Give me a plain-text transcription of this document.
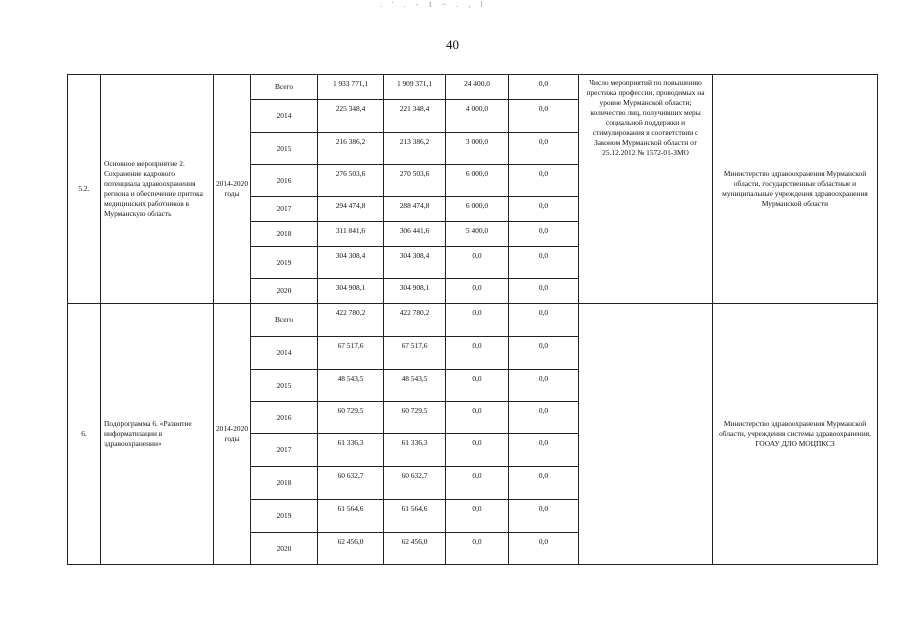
. ' . - 1 ~ . , l
40
5.2.	Основное мероприятие 2. Сохранение кадрового потенциала здравоохранения региона и обеспечение притока медицинских работников в Мурманскую область	2014-2020 годы	Всего	1 933 771,1	1 909 371,1	24 400,0	0,0	Число мероприятий по повышению престижа профессии, проводимых на уровне Мурманской области; количество лиц, получивших меры социальной поддержки и стимулирования в соответствии с Законом Мурманской области от 25.12.2012 № 1572-01-ЗМО	Министерство здравоохранения Мурманской области, государственные областные и муниципальные учреждения здравоохранения Мурманской области
			2014	225 348,4	221 348,4	4 000,0	0,0		
			2015	216 386,2	213 386,2	3 000,0	0,0		
			2016	276 503,6	270 503,6	6 000,0	0,0		
			2017	294 474,8	288 474,8	6 000,0	0,0		
			2018	311 841,6	306 441,6	5 400,0	0,0		
			2019	304 308,4	304 308,4	0,0	0,0		
			2020	304 908,1	304 908,1	0,0	0,0		
6.	Подпрограмма 6. «Развитие информатизации в здравоохранении»	2014-2020 годы	Всего	422 780,2	422 780,2	0,0	0,0		Министерство здравоохранения Мурманской области, учреждения системы здравоохранения, ГООАУ ДЛО МОЦПКСЗ
			2014	67 517,6	67 517,6	0,0	0,0		
			2015	48 543,5	48 543,5	0,0	0,0		
			2016	60 729,5	60 729,5	0,0	0,0		
			2017	61 336,3	61 336,3	0,0	0,0		
			2018	60 632,7	60 632,7	0,0	0,0		
			2019	61 564,6	61 564,6	0,0	0,0		
			2020	62 456,0	62 456,0	0,0	0,0		
